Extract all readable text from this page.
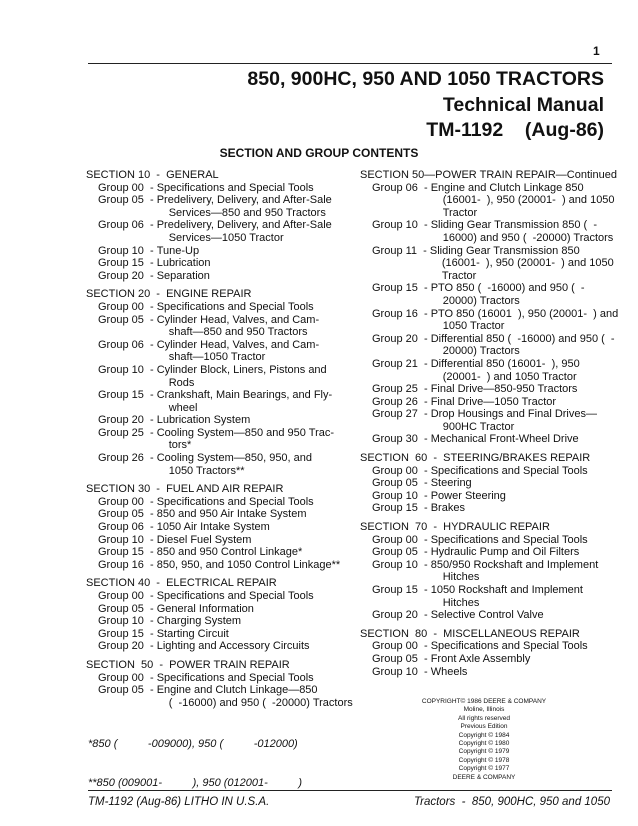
1
850, 900HC, 950 AND 1050 TRACTORS
Technical Manual
TM-1192    (Aug-86)
SECTION AND GROUP CONTENTS
SECTION 10  -  GENERAL
Group 00  - Specifications and Special Tools
Group 05  - Predelivery, Delivery, and After-Sale
Services—850 and 950 Tractors
Group 06  - Predelivery, Delivery, and After-Sale
Services—1050 Tractor
Group 10  - Tune-Up
Group 15  - Lubrication
Group 20  - Separation
SECTION 20  -  ENGINE REPAIR
Group 00  - Specifications and Special Tools
Group 05  - Cylinder Head, Valves, and Cam-
shaft—850 and 950 Tractors
Group 06  - Cylinder Head, Valves, and Cam-
shaft—1050 Tractor
Group 10  - Cylinder Block, Liners, Pistons and
Rods
Group 15  - Crankshaft, Main Bearings, and Fly-
wheel
Group 20  - Lubrication System
Group 25  - Cooling System—850 and 950 Trac-
tors*
Group 26  - Cooling System—850, 950, and
1050 Tractors**
SECTION 30  -  FUEL AND AIR REPAIR
Group 00  - Specifications and Special Tools
Group 05  - 850 and 950 Air Intake System
Group 06  - 1050 Air Intake System
Group 10  - Diesel Fuel System
Group 15  - 850 and 950 Control Linkage*
Group 16  - 850, 950, and 1050 Control Linkage**
SECTION 40  -  ELECTRICAL REPAIR
Group 00  - Specifications and Special Tools
Group 05  - General Information
Group 10  - Charging System
Group 15  - Starting Circuit
Group 20  - Lighting and Accessory Circuits
SECTION  50  -  POWER TRAIN REPAIR
Group 00  - Specifications and Special Tools
Group 05  - Engine and Clutch Linkage—850
(  -16000) and 950 (  -20000) Tractors
SECTION 50—POWER TRAIN REPAIR—Continued
Group 06  - Engine and Clutch Linkage 850
(16001-  ), 950 (20001-  ) and 1050
Tractor
Group 10  - Sliding Gear Transmission 850 (  -
16000) and 950 (  -20000) Tractors
Group 11  - Sliding Gear Transmission 850
(16001-  ), 950 (20001-  ) and 1050
Tractor
Group 15  - PTO 850 (  -16000) and 950 (  -
20000) Tractors
Group 16  - PTO 850 (16001  ), 950 (20001-  ) and
1050 Tractor
Group 20  - Differential 850 (  -16000) and 950 (  -
20000) Tractors
Group 21  - Differential 850 (16001-  ), 950
(20001-  ) and 1050 Tractor
Group 25  - Final Drive—850-950 Tractors
Group 26  - Final Drive—1050 Tractor
Group 27  - Drop Housings and Final Drives—
900HC Tractor
Group 30  - Mechanical Front-Wheel Drive
SECTION  60  -  STEERING/BRAKES REPAIR
Group 00  - Specifications and Special Tools
Group 05  - Steering
Group 10  - Power Steering
Group 15  - Brakes
SECTION  70  -  HYDRAULIC REPAIR
Group 00  - Specifications and Special Tools
Group 05  - Hydraulic Pump and Oil Filters
Group 10  - 850/950 Rockshaft and Implement
Hitches
Group 15  - 1050 Rockshaft and Implement
Hitches
Group 20  - Selective Control Valve
SECTION  80  -  MISCELLANEOUS REPAIR
Group 00  - Specifications and Special Tools
Group 05  - Front Axle Assembly
Group 10  - Wheels

*850 (          -009000), 950 (          -012000)

**850 (009001-          ), 950 (012001-          )

COPYRIGHT© 1986 DEERE & COMPANY
Moline, Illinois
All rights reserved
Previous Edition
Copyright © 1984
Copyright © 1980
Copyright © 1979
Copyright © 1978
Copyright © 1977
DEERE & COMPANY
TM-1192 (Aug-86) LITHO IN U.S.A.	Tractors  -  850, 900HC, 950 and 1050
